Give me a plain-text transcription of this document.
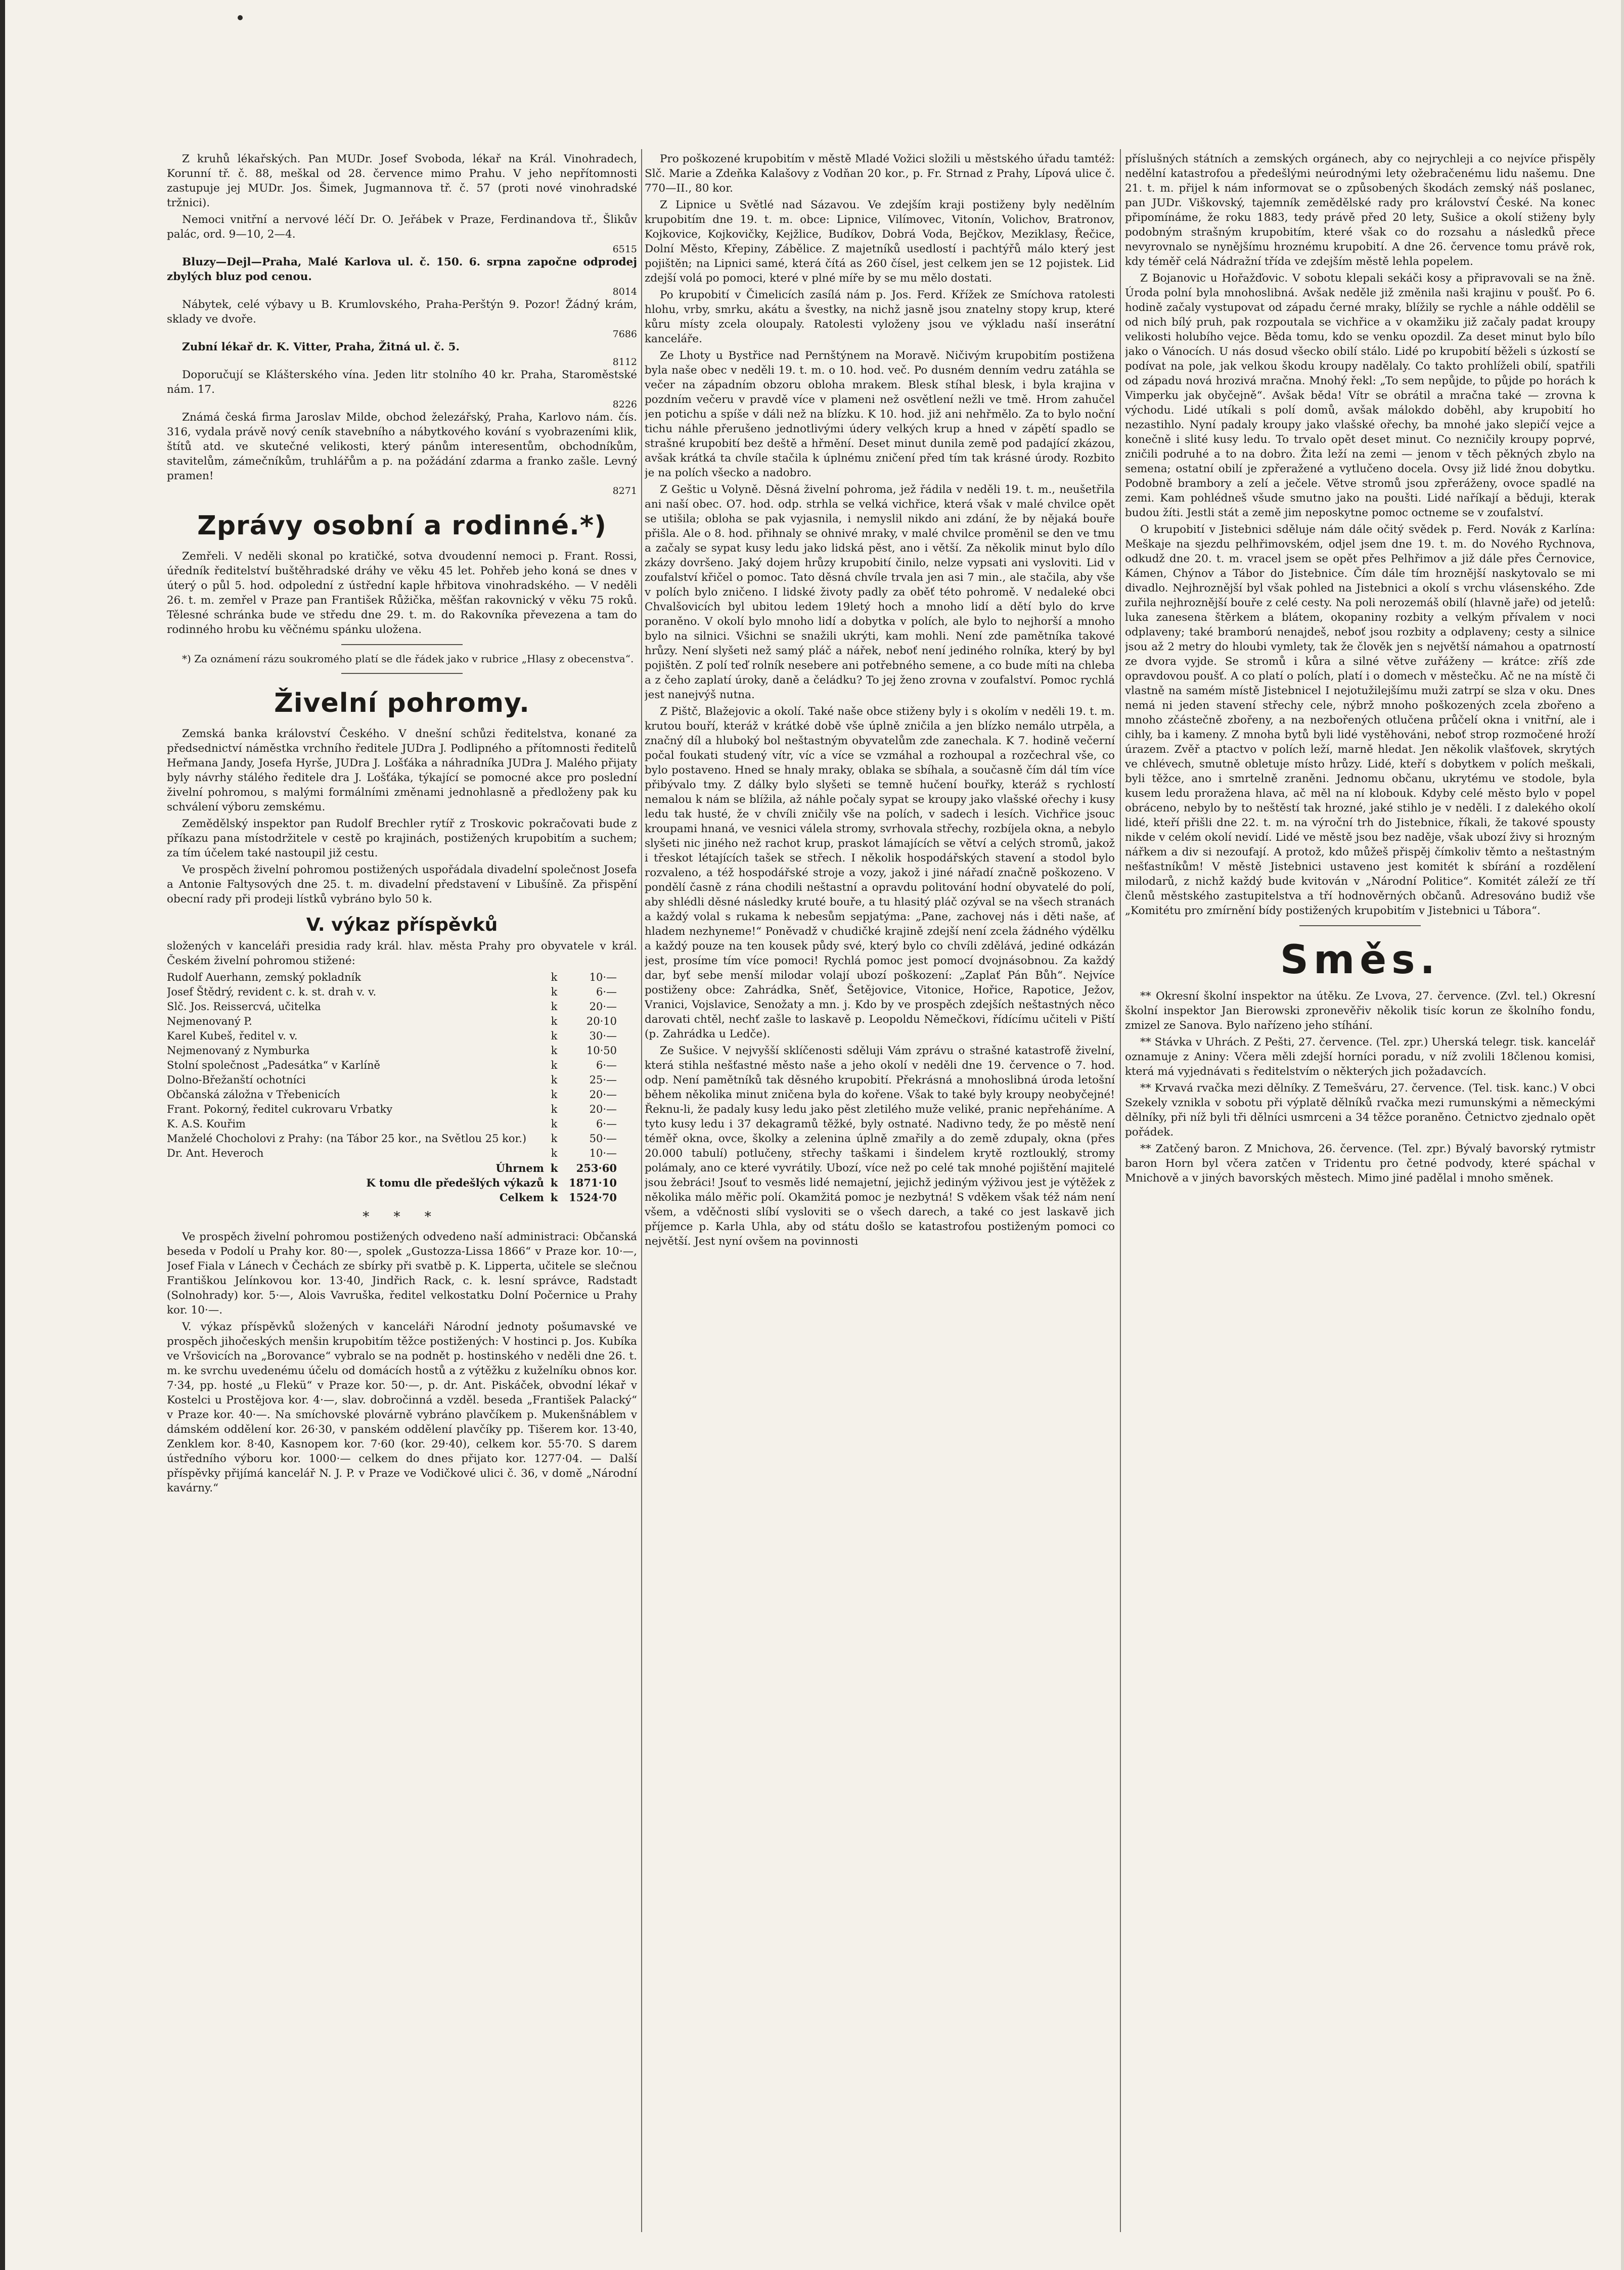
Z kruhů lékařských. Pan MUDr. Josef Svoboda, lékař na Král. Vinohradech, Korunní tř. č. 88, meškal od 28. července mimo Prahu. V jeho nepřítomnosti zastupuje jej MUDr. Jos. Šimek, Jugmannova tř. č. 57 (proti nové vinohradské tržnici).

Nemoci vnitřní a nervové léčí Dr. O. Jeřábek v Praze, Ferdinandova tř., Šlikův palác, ord. 9—10, 2—4.

6515

Bluzy—Dejl—Praha, Malé Karlova ul. č. 150. 6. srpna započne odprodej zbylých bluz pod cenou.

8014

Nábytek, celé výbavy u B. Krumlovského, Praha-Perštýn 9. Pozor! Žádný krám, sklady ve dvoře.

7686

Zubní lékař dr. K. Vitter, Praha, Žitná ul. č. 5.

8112

Doporučují se Klášterského vína. Jeden litr stolního 40 kr. Praha, Staroměstské nám. 17.

8226

Známá česká firma Jaroslav Milde, obchod železářský, Praha, Karlovo nám. čís. 316, vydala právě nový ceník stavebního a nábytkového kování s vyobrazeními klik, štítů atd. ve skutečné velikosti, který pánům interesentům, obchodníkům, stavitelům, zámečníkům, truhlářům a p. na požádání zdarma a franko zašle. Levný pramen!

8271
Zprávy osobní a rodinné.*)

Zemřeli. V neděli skonal po kratičké, sotva dvoudenní nemoci p. Frant. Rossi, úředník ředitelství buštěhradské dráhy ve věku 45 let. Pohřeb jeho koná se dnes v úterý o půl 5. hod. odpolední z ústřední kaple hřbitova vinohradského. — V neděli 26. t. m. zemřel v Praze pan František Růžička, měšťan rakovnický v věku 75 roků. Tělesné schránka bude ve středu dne 29. t. m. do Rakovníka převezena a tam do rodinného hrobu ku věčnému spánku uložena.

*) Za oznámení rázu soukromého platí se dle řádek jako v rubrice „Hlasy z obecenstva“.

Živelní pohromy.

Zemská banka království Českého. V dnešní schůzi ředitelstva, konané za předsednictví náměstka vrchního ředitele JUDra J. Podlipného a přítomnosti ředitelů Heřmana Jandy, Josefa Hyrše, JUDra J. Lošťáka a náhradníka JUDra J. Malého přijaty byly návrhy stálého ředitele dra J. Lošťáka, týkající se pomocné akce pro poslední živelní pohromou, s malými formálními změnami jednohlasně a předloženy pak ku schválení výboru zemskému.

Zemědělský inspektor pan Rudolf Brechler rytíř z Troskovic pokračovati bude z příkazu pana místodržitele v cestě po krajinách, postižených krupobitím a suchem; za tím účelem také nastoupil již cestu.

Ve prospěch živelní pohromou postižených uspořádala divadelní společnost Josefa a Antonie Faltysových dne 25. t. m. divadelní představení v Libušíně. Za přispění obecní rady při prodeji lístků vybráno bylo 50 k.

V. výkaz příspěvků

složených v kanceláři presidia rady král. hlav. města Prahy pro obyvatele v král. Českém živelní pohromou stižené:

Rudolf Auerhann, zemský pokladník	k	10·—
Josef Štědrý, revident c. k. st. drah v. v.	k	6·—
Slč. Jos. Reissercvá, učitelka	k	20·—
Nejmenovaný P.	k	20·10
Karel Kubeš, ředitel v. v.	k	30·—
Nejmenovaný z Nymburka	k	10·50
Stolní společnost „Padesátka“ v Karlíně	k	6·—
Dolno-Břežanští ochotníci	k	25·—
Občanská záložna v Třebenicích	k	20·—
Frant. Pokorný, ředitel cukrovaru Vrbatky	k	20·—
K. A.S. Kouřim	k	6·—
Manželé Chocholovi z Prahy: (na Tábor 25 kor., na Světlou 25 kor.)	k	50·—
Dr. Ant. Heveroch	k	10·—
Úhrnem	k	253·60
K tomu dle předešlých výkazů	k	1871·10
Celkem	k	1524·70
* * *

Ve prospěch živelní pohromou postižených odvedeno naší administraci: Občanská beseda v Podolí u Prahy kor. 80·—, spolek „Gustozza-Lissa 1866“ v Praze kor. 10·—, Josef Fiala v Lánech v Čechách ze sbírky při svatbě p. K. Lipperta, učitele se slečnou Františkou Jelínkovou kor. 13·40, Jindřich Rack, c. k. lesní správce, Radstadt (Solnohrady) kor. 5·—, Alois Vavruška, ředitel velkostatku Dolní Počernice u Prahy kor. 10·—.

V. výkaz příspěvků složených v kanceláři Národní jednoty pošumavské ve prospěch jihočeských menšin krupobitím těžce postižených: V hostinci p. Jos. Kubíka ve Vršovicích na „Borovance“ vybralo se na podnět p. hostinského v neděli dne 26. t. m. ke svrchu uvedenému účelu od domácích hostů a z výtěžku z kuželníku obnos kor. 7·34, pp. hosté „u Flekü“ v Praze kor. 50·—, p. dr. Ant. Piskáček, obvodní lékař v Kostelci u Prostějova kor. 4·—, slav. dobročinná a vzděl. beseda „František Palacký“ v Praze kor. 40·—. Na smíchovské plovárně vybráno plavčíkem p. Mukenšnáblem v dámském oddělení kor. 26·30, v panském oddělení plavčíky pp. Tišerem kor. 13·40, Zenklem kor. 8·40, Kasnopem kor. 7·60 (kor. 29·40), celkem kor. 55·70. S darem ústředního výboru kor. 1000·— celkem do dnes přijato kor. 1277·04. — Další příspěvky přijímá kancelář N. J. P. v Praze ve Vodičkové ulici č. 36, v domě „Národní kavárny.“

Pro poškozené krupobitím v městě Mladé Vožici složili u městského úřadu tamtéž: Slč. Marie a Zdeňka Kalašovy z Vodňan 20 kor., p. Fr. Strnad z Prahy, Lípová ulice č. 770—II., 80 kor.

Z Lipnice u Světlé nad Sázavou. Ve zdejším kraji postiženy byly nedělním krupobitím dne 19. t. m. obce: Lipnice, Vilímovec, Vitonín, Volichov, Bratronov, Kojkovice, Kojkovičky, Kejžlice, Budíkov, Dobrá Voda, Bejčkov, Meziklasy, Řečice, Dolní Město, Křepiny, Zábělice. Z majetníků usedlostí i pachtýřů málo který jest pojištěn; na Lipnici samé, která čítá as 260 čísel, jest celkem jen se 12 pojistek. Lid zdejší volá po pomoci, které v plné míře by se mu mělo dostati.

Po krupobití v Čimelicích zasílá nám p. Jos. Ferd. Křížek ze Smíchova ratolesti hlohu, vrby, smrku, akátu a švestky, na nichž jasně jsou znatelny stopy krup, které kůru místy zcela oloupaly. Ratolesti vyloženy jsou ve výkladu naší inserátní kanceláře.

Ze Lhoty u Bystřice nad Pernštýnem na Moravě. Ničivým krupobitím postižena byla naše obec v neděli 19. t. m. o 10. hod. več. Po dusném denním vedru zatáhla se večer na západním obzoru obloha mrakem. Blesk stíhal blesk, i byla krajina v pozdním večeru v pravdě více v plameni než osvětlení nežli ve tmě. Hrom zahučel jen potichu a spíše v dáli než na blízku. K 10. hod. již ani nehřmělo. Za to bylo noční tichu náhle přerušeno jednotlivými údery velkých krup a hned v zápětí spadlo se strašné krupobití bez deště a hřmění. Deset minut dunila země pod padající zkázou, avšak krátká ta chvíle stačila k úplnému zničení před tím tak krásné úrody. Rozbito je na polích všecko a nadobro.

Z Geštic u Volyně. Děsná živelní pohroma, jež řádila v neděli 19. t. m., neušetřila ani naší obec. O7. hod. odp. strhla se velká vichřice, která však v malé chvilce opět se utišila; obloha se pak vyjasnila, i nemyslil nikdo ani zdání, že by nějaká bouře přišla. Ale o 8. hod. přihnaly se ohnivé mraky, v malé chvilce proměnil se den ve tmu a začaly se sypat kusy ledu jako lidská pěst, ano i větší. Za několik minut bylo dílo zkázy dovršeno. Jaký dojem hrůzy krupobití činilo, nelze vypsati ani vysloviti. Lid v zoufalství křičel o pomoc. Tato děsná chvíle trvala jen asi 7 min., ale stačila, aby vše v polích bylo zničeno. I lidské životy padly za oběť této pohromě. V nedaleké obci Chvalšovicích byl ubitou ledem 19letý hoch a mnoho lidí a dětí bylo do krve poraněno. V okolí bylo mnoho lidí a dobytka v polích, ale bylo to nejhorší a mnoho bylo na silnici. Všichni se snažili ukrýti, kam mohli. Není zde pamětníka takové hrůzy. Není slyšeti než samý pláč a nářek, neboť není jediného rolníka, který by byl pojištěn. Z polí teď rolník nesebere ani potřebného semene, a co bude míti na chleba a z čeho zaplatí úroky, daně a čeládku? To jej ženo zrovna v zoufalství. Pomoc rychlá jest nanejvýš nutna.

Z Pištč, Blažejovic a okolí. Také naše obce stiženy byly i s okolím v neděli 19. t. m. krutou bouří, kteráž v krátké době vše úplně zničila a jen blízko nemálo utrpěla, a značný díl a hluboký bol neštastným obyvatelům zde zanechala. K 7. hodině večerní počal foukati studený vítr, víc a více se vzmáhal a rozhoupal a rozčechral vše, co bylo postaveno. Hned se hnaly mraky, oblaka se sbíhala, a současně čím dál tím více přibývalo tmy. Z dálky bylo slyšeti se temně hučení bouřky, kteráž s rychlostí nemalou k nám se blížila, až náhle počaly sypat se kroupy jako vlašské ořechy i kusy ledu tak husté, že v chvíli zničily vše na polích, v sadech i lesích. Vichřice jsouc kroupami hnaná, ve vesnici válela stromy, svrhovala střechy, rozbíjela okna, a nebylo slyšeti nic jiného než rachot krup, praskot lámajících se větví a celých stromů, jakož i třeskot létajících tašek se střech. I několik hospodářských stavení a stodol bylo rozvaleno, a též hospodářské stroje a vozy, jakož i jiné nářadí značně poškozeno. V pondělí časně z rána chodili neštastní a opravdu politování hodní obyvatelé do polí, aby shlédli děsné následky kruté bouře, a tu hlasitý pláč ozýval se na všech stranách a každý volal s rukama k nebesům sepjatýma: „Pane, zachovej nás i děti naše, ať hladem nezhyneme!“ Poněvadž v chudičké krajině zdejší není zcela žádného výdělku a každý pouze na ten kousek půdy své, který bylo co chvíli zdělává, jediné odkázán jest, prosíme tím více pomoci! Rychlá pomoc jest pomocí dvojnásobnou. Za každý dar, byť sebe menší milodar volají ubozí poškození: „Zaplať Pán Bůh“. Nejvíce postiženy obce: Zahrádka, Sněť, Šetějovice, Vitonice, Hořice, Rapotice, Ježov, Vranici, Vojslavice, Senožaty a mn. j. Kdo by ve prospěch zdejších neštastných něco darovati chtěl, nechť zašle to laskavě p. Leopoldu Němečkovi, řídícímu učiteli v Piští (p. Zahrádka u Ledče).

Ze Sušice. V nejvyšší sklíčenosti sděluji Vám zprávu o strašné katastrofě živelní, která stihla nešťastné město naše a jeho okolí v neděli dne 19. července o 7. hod. odp. Není pamětníků tak děsného krupobití. Překrásná a mnohoslibná úroda letošní během několika minut zničena byla do kořene. Však to také byly kroupy neobyčejné! Řeknu-li, že padaly kusy ledu jako pěst zletilého muže veliké, pranic nepřeháníme. A tyto kusy ledu i 37 dekagramů těžké, byly ostnaté. Nadivno tedy, že po městě není téměř okna, ovce, školky a zelenina úplně zmařily a do země zdupaly, okna (přes 20.000 tabulí) potlučeny, střechy taškami i šindelem krytě roztlouklý, stromy polámaly, ano ce které vyvrátily. Ubozí, více než po celé tak mnohé pojištění majitelé jsou žebráci! Jsouť to vesměs lidé nemajetní, jejichž jediným výživou jest je výtěžek z několika málo měřic polí. Okamžitá pomoc je nezbytná! S vděkem však též nám není všem, a vděčnosti slíbí vysloviti se o všech darech, a také co jest laskavě jich příjemce p. Karla Uhla, aby od státu došlo se katastrofou postiženým pomoci co největší. Jest nyní ovšem na povinnosti

příslušných státních a zemských orgánech, aby co nejrychleji a co nejvíce přispěly nedělní katastrofou a předešlými neúrodnými lety ožebračenému lidu našemu. Dne 21. t. m. přijel k nám informovat se o způsobených škodách zemský náš poslanec, pan JUDr. Viškovský, tajemník zemědělské rady pro království České. Na konec připomínáme, že roku 1883, tedy právě před 20 lety, Sušice a okolí stiženy byly podobným strašným krupobitím, které však co do rozsahu a následků přece nevyrovnalo se nynějšímu hroznému krupobití. A dne 26. července tomu právě rok, kdy téměř celá Nádražní třída ve zdejším městě lehla popelem.

Z Bojanovic u Hořažďovic. V sobotu klepali sekáči kosy a připravovali se na žně. Úroda polní byla mnohoslibná. Avšak neděle již změnila naši krajinu v poušť. Po 6. hodině začaly vystupovat od západu černé mraky, blížily se rychle a náhle oddělil se od nich bílý pruh, pak rozpoutala se vichřice a v okamžiku již začaly padat kroupy velikosti holubího vejce. Běda tomu, kdo se venku opozdil. Za deset minut bylo bílo jako o Vánocích. U nás dosud všecko obilí stálo. Lidé po krupobití běželi s úzkostí se podívat na pole, jak velkou škodu kroupy nadělaly. Co takto prohlíželi obilí, spatřili od západu nová hrozivá mračna. Mnohý řekl: „To sem nepůjde, to půjde po horách k Vimperku jak obyčejně“. Avšak běda! Vítr se obrátil a mračna také — zrovna k východu. Lidé utíkali s polí domů, avšak málokdo doběhl, aby krupobití ho nezastihlo. Nyní padaly kroupy jako vlašské ořechy, ba mnohé jako slepičí vejce a konečně i slité kusy ledu. To trvalo opět deset minut. Co nezničily kroupy poprvé, zničili podruhé a to na dobro. Žita leží na zemi — jenom v těch pěkných zbylo na semena; ostatní obilí je zpřeražené a vytlučeno docela. Ovsy již lidé žnou dobytku. Podobně brambory a zelí a ječele. Větve stromů jsou zpřeráženy, ovoce spadlé na zemi. Kam pohlédneš všude smutno jako na poušti. Lidé naříkají a běduji, kterak budou žíti. Jestli stát a země jim neposkytne pomoc octneme se v zoufalství.

O krupobití v Jistebnici sděluje nám dále očitý svědek p. Ferd. Novák z Karlína: Meškaje na sjezdu pelhřimovském, odjel jsem dne 19. t. m. do Nového Rychnova, odkudž dne 20. t. m. vracel jsem se opět přes Pelhřimov a již dále přes Černovice, Kámen, Chýnov a Tábor do Jistebnice. Čím dále tím hroznější naskytovalo se mi divadlo. Nejhroznější byl však pohled na Jistebnici a okolí s vrchu vlásenského. Zde zuřila nejhroznější bouře z celé cesty. Na poli nerozemáš obilí (hlavně jaře) od jetelů: luka zanesena štěrkem a blátem, okopaniny rozbity a velkým přívalem v noci odplaveny; také bramború nenajdeš, neboť jsou rozbity a odplaveny; cesty a silnice jsou až 2 metry do hloubi vymlety, tak že člověk jen s největší námahou a opatrností ze dvora vyjde. Se stromů i kůra a silné větve zuřáženy — krátce: zříš zde opravdovou poušť. A co platí o polích, platí i o domech v městečku. Ač ne na místě či vlastně na samém místě Jistebnicel I nejotužilejšímu muži zatrpí se slza v oku. Dnes nemá ni jeden stavení střechy cele, nýbrž mnoho poškozených zcela zbořeno a mnoho zčástečně zbořeny, a na nezbořených otlučena průčelí okna i vnitřní, ale i cihly, ba i kameny. Z mnoha bytů byli lidé vystěhováni, neboť strop rozmočené hroží úrazem. Zvěř a ptactvo v polích leží, marně hledat. Jen několik vlašťovek, skrytých ve chlévech, smutně obletuje místo hrůzy. Lidé, kteří s dobytkem v polích meškali, byli těžce, ano i smrtelně zraněni. Jednomu občanu, ukrytému ve stodole, byla kusem ledu proražena hlava, ač měl na ní klobouk. Kdyby celé město bylo v popel obráceno, nebylo by to neštěstí tak hrozné, jaké stihlo je v neděli. I z dalekého okolí lidé, kteří přišli dne 22. t. m. na výroční trh do Jistebnice, říkali, že takové spousty nikde v celém okolí nevidí. Lidé ve městě jsou bez naděje, však ubozí živy si hrozným nářkem a div si nezoufají. A protož, kdo můžeš přispěj čímkoliv těmto a neštastným nešťastníkům! V městě Jistebnici ustaveno jest komitét k sbírání a rozdělení milodarů, z nichž každý bude kvitován v „Národní Politice“. Komitét záleží ze tří členů městského zastupitelstva a tří hodnověrných občanů. Adresováno budiž vše „Komitétu pro zmírnění bídy postižených krupobitím v Jistebnici u Tábora“.

Směs.

** Okresní školní inspektor na útěku. Ze Lvova, 27. července. (Zvl. tel.) Okresní školní inspektor Jan Bierowski zpronevěřiv několik tisíc korun ze školního fondu, zmizel ze Sanova. Bylo nařízeno jeho stíhání.

** Stávka v Uhrách. Z Pešti, 27. července. (Tel. zpr.) Uherská telegr. tisk. kancelář oznamuje z Aniny: Včera měli zdejší horníci poradu, v níž zvolili 18členou komisi, která má vyjednávati s ředitelstvím o některých jich požadavcích.

** Krvavá rvačka mezi dělníky. Z Temešváru, 27. července. (Tel. tisk. kanc.) V obci Szekely vznikla v sobotu při výplatě dělníků rvačka mezi rumunskými a německými dělníky, při níž byli tři dělníci usmrceni a 34 těžce poraněno. Četnictvo zjednalo opět pořádek.

** Zatčený baron. Z Mnichova, 26. července. (Tel. zpr.) Bývalý bavorský rytmistr baron Horn byl včera zatčen v Tridentu pro četné podvody, které spáchal v Mnichově a v jiných bavorských městech. Mimo jiné padělal i mnoho směnek.
